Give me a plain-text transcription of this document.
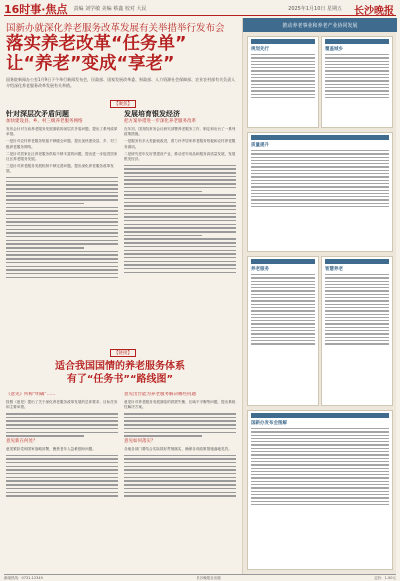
16时事·焦点 责编 刘学敏 美编 蔡鑫 校对 大民	2025年1月10日 星期五 长沙晚报
国新办就深化养老服务改革发展有关举措举行发布会
落实养老改革“任务单”
让“养老”变成“享老”
国务院新闻办公室1月9日下午举行新闻发布会，民政部、国家发展改革委、财政部、人力资源社会保障部、农业农村部有关负责人介绍深化养老服务改革发展有关举措。
【聚焦】
针对深层次矛盾问题
加快建设县、乡、村三级养老服务网络

发布会针对当前养老服务发展面临的深层次矛盾问题，提出了系列改革举措。

一是针对农村养老服务短板不够健全问题，提出加快建设县、乡、村三级养老服务网络。

二是针对居家社区养老服务供给不够丰富的问题，提出进一步促进居家社区养老服务发展。

三是针对养老服务发展机制不够完善问题，提出深化养老服务改革发展。

发展培育银发经济
把方案举措进一步深化养老服务改革

在年初，国务院常务会议研究部署养老服务工作，制定和出台了一系列政策措施。

一是服务有多大差距就改进，着力补齐居家养老服务短板和农村养老服务弱项。

二是研究老年友好型建设产业，推动老年用品和服务高质量发展，发展银发经济。

【链接】
适合我国国情的养老服务体系
有了“任务书”“路线图”
《意见》所称“明确”……

按照《意见》提出了关于深化养老服务改革发展的总体要求、目标任务和主要举措。

意见新在何处？

意见紧扣党和国家战略部署，聚焦老年人急难愁盼问题。

意见出台能为养老服务解决哪些问题

意见针对养老服务发展面临的供需失衡、区域不平衡等问题，提出系统性解决方案。

意见如何落实？

各地各部门要结合实际抓好贯彻落实，确保各项政策措施落地见效。

推动养老事业和养老产业协同发展
规划先行	覆盖城乡
质量提升
养老服务	智慧养老
国新办发布会图解
新闻热线：0731-12345	长沙晚报社出版	定价：1.00元
